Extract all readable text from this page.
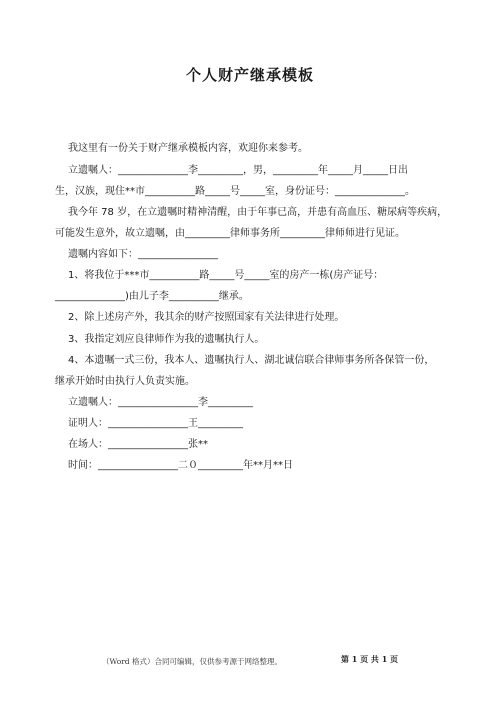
个人财产继承模板
我这里有一份关于财产继承模板内容，欢迎你来参考。
立遗嘱人：______________李_________，男，_________年_____月_____日出
生，汉族，现住**市__________路_____号_____室，身份证号：______________。
我今年 78 岁，在立遗嘱时精神清醒，由于年事已高，并患有高血压、糖尿病等疾病，
可能发生意外，故立遗嘱，由_________律师事务所_________律师师进行见证。
遗嘱内容如下：________________
1、将我位于***市__________路_____号_____室的房产一栋(房产证号：
______________)由儿子李__________继承。
2、除上述房产外，我其余的财产按照国家有关法律进行处理。
3、我指定刘应良律师作为我的遗嘱执行人。
4、本遗嘱一式三份，我本人、遗嘱执行人、湖北诚信联合律师事务所各保管一份，
继承开始时由执行人负责实施。
立遗嘱人：________________李_________
证明人：________________王_________
在场人：________________张**
时间：________________二０_________年**月**日
（Word 格式）合同可编辑，仅供参考源于网络整理。	第 1 页 共 1 页
